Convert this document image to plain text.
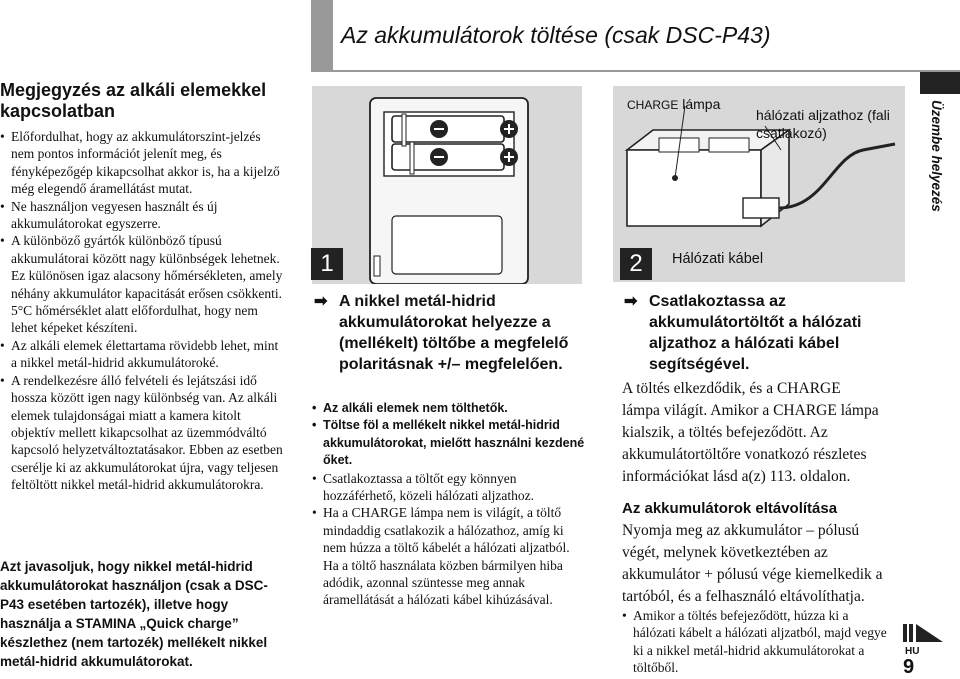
Az akkumulátorok töltése (csak DSC-P43)
Üzembe helyezés
Megjegyzés az alkáli elemekkel kapcsolatban
• Előfordulhat, hogy az akkumulátorszint-jelzés nem pontos információt jelenít meg, és fényképezőgép kikapcsolhat akkor is, ha a kijelző még elegendő áramellátást mutat.
• Ne használjon vegyesen használt és új akkumulátorokat egyszerre.
• A különböző gyártók különböző típusú akkumulátorai között nagy különbségek lehetnek. Ez különösen igaz alacsony hőmérsékleten, amely néhány akkumulátor kapacitását erősen csökkenti. 5°C hőmérséklet alatt előfordulhat, hogy nem lehet képeket készíteni.
• Az alkáli elemek élettartama rövidebb lehet, mint a nikkel metál-hidrid akkumulátoroké.
• A rendelkezésre álló felvételi és lejátszási idő hossza között igen nagy különbség van. Az alkáli elemek tulajdonságai miatt a kamera kitolt objektív mellett kikapcsolhat az üzemmódváltó kapcsoló helyzetváltoztatásakor. Ebben az esetben cserélje ki az akkumulátorokat újra, vagy teljesen feltöltött nikkel metál-hidrid akkumulátorokra.
Azt javasoljuk, hogy nikkel metál-hidrid akkumulátorokat használjon (csak a DSC-P43 esetében tartozék), illetve hogy használja a STAMINA „Quick charge” készlethez (nem tartozék) mellékelt nikkel metál-hidrid akkumulátorokat.
1
➡ A nikkel metál-hidrid akkumulátorokat helyezze a (mellékelt) töltőbe a megfelelő polaritásnak +/– megfelelően.
• Az alkáli elemek nem tölthetők.
• Töltse föl a mellékelt nikkel metál-hidrid akkumulátorokat, mielőtt használni kezdené őket.
• Csatlakoztassa a töltőt egy könnyen hozzáférhető, közeli hálózati aljzathoz.
• Ha a CHARGE lámpa nem is világít, a töltő mindaddig csatlakozik a hálózathoz, amíg ki nem húzza a töltő kábelét a hálózati aljzatból. Ha a töltő használata közben bármilyen hiba adódik, azonnal szüntesse meg annak áramellátását a hálózati kábel kihúzásával.
CHARGE lámpa
hálózati aljzathoz (fali csatlakozó)
2	Hálózati kábel
➡ Csatlakoztassa az akkumulátortöltőt a hálózati aljzathoz a hálózati kábel segítségével.
A töltés elkezdődik, és a CHARGE lámpa világít. Amikor a CHARGE lámpa kialszik, a töltés befejeződött. Az akkumulátortöltőre vonatkozó részletes információkat lásd a(z) 113. oldalon.
Az akkumulátorok eltávolítása
Nyomja meg az akkumulátor – pólusú végét, melynek következtében az akkumulátor + pólusú vége kiemelkedik a tartóból, és a felhasználó eltávolíthatja.
• Amikor a töltés befejeződött, húzza ki a hálózati kábelt a hálózati aljzatból, majd vegye ki a nikkel metál-hidrid akkumulátorokat a töltőből.
HU
9
